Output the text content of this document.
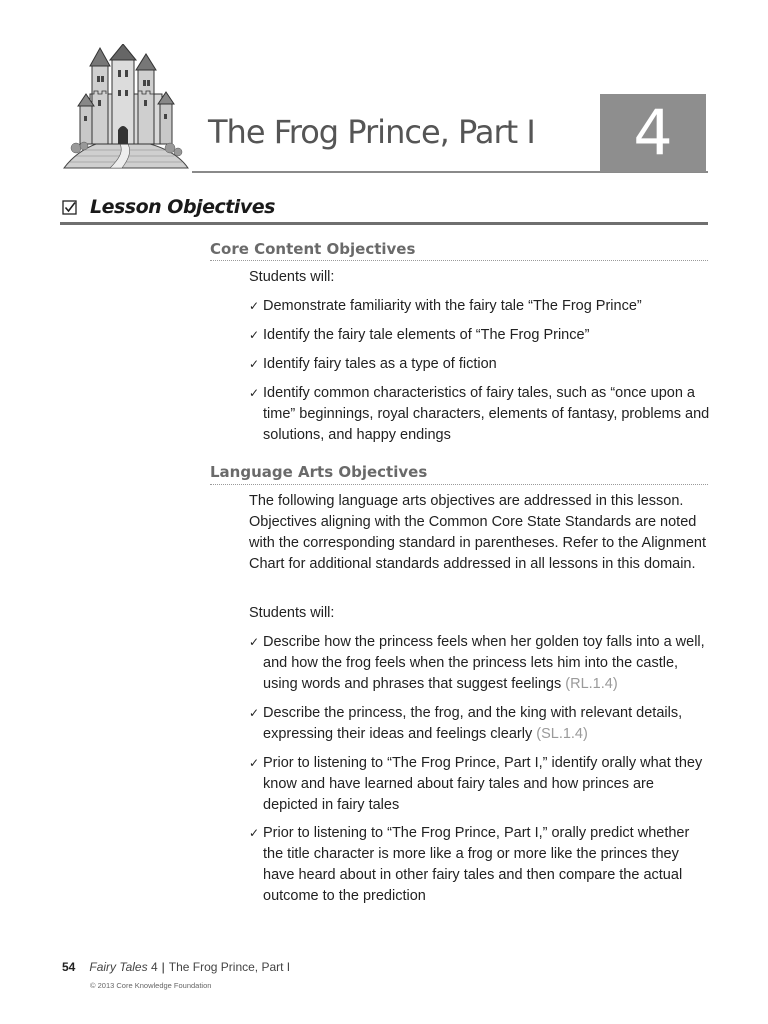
The Frog Prince, Part I	4
Lesson Objectives
Core Content Objectives
Students will:
✓ Demonstrate familiarity with the fairy tale “The Frog Prince”
✓ Identify the fairy tale elements of “The Frog Prince”
✓ Identify fairy tales as a type of fiction
✓ Identify common characteristics of fairy tales, such as “once upon a time” beginnings, royal characters, elements of fantasy, problems and solutions, and happy endings
Language Arts Objectives
The following language arts objectives are addressed in this lesson. Objectives aligning with the Common Core State Standards are noted with the corresponding standard in parentheses. Refer to the Alignment Chart for additional standards addressed in all lessons in this domain.
Students will:
✓ Describe how the princess feels when her golden toy falls into a well, and how the frog feels when the princess lets him into the castle, using words and phrases that suggest feelings (RL.1.4)
✓ Describe the princess, the frog, and the king with relevant details, expressing their ideas and feelings clearly (SL.1.4)
✓ Prior to listening to “The Frog Prince, Part I,” identify orally what they know and have learned about fairy tales and how princes are depicted in fairy tales
✓ Prior to listening to “The Frog Prince, Part I,” orally predict whether the title character is more like a frog or more like the princes they have heard about in other fairy tales and then compare the actual outcome to the prediction
54 Fairy Tales 4 | The Frog Prince, Part I
© 2013 Core Knowledge Foundation
